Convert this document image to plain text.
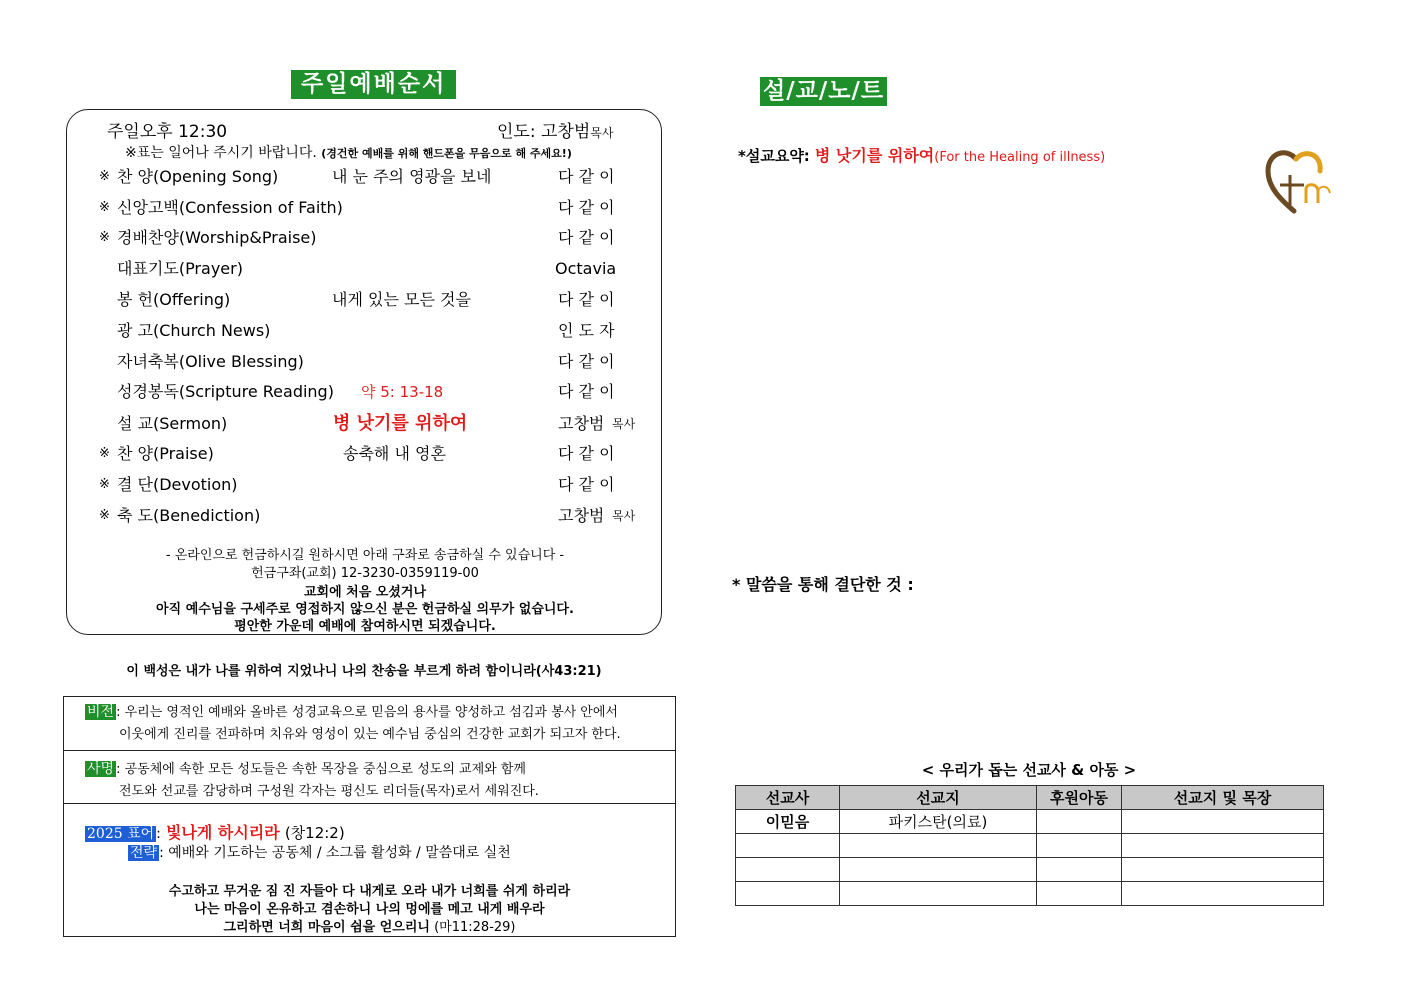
주일예배순서
주일오후 12:30	인도: 고창범목사
※표는 일어나 주시기 바랍니다. (경건한 예배를 위해 핸드폰을 무음으로 해 주세요!)
※ 찬 양(Opening Song)	내 눈 주의 영광을 보네	다 같 이
※ 신앙고백(Confession of Faith)	다 같 이
※ 경배찬양(Worship&Praise)	다 같 이
대표기도(Prayer)	Octavia
봉 헌(Offering)	내게 있는 모든 것을	다 같 이
광 고(Church News)	인 도 자
자녀축복(Olive Blessing)	다 같 이
성경봉독(Scripture Reading) 약 5: 13-18	다 같 이
설 교(Sermon)	병 낫기를 위하여	고창범 목사
※ 찬 양(Praise)	송축해 내 영혼	다 같 이
※ 결 단(Devotion)	다 같 이
※ 축 도(Benediction)	고창범 목사
- 온라인으로 헌금하시길 원하시면 아래 구좌로 송금하실 수 있습니다 -
헌금구좌(교회) 12-3230-0359119-00
교회에 처음 오셨거나
아직 예수님을 구세주로 영접하지 않으신 분은 헌금하실 의무가 없습니다.
평안한 가운데 예배에 참여하시면 되겠습니다.
이 백성은 내가 나를 위하여 지었나니 나의 찬송을 부르게 하려 함이니라(사43:21)
비전 : 우리는 영적인 예배와 올바른 성경교육으로 믿음의 용사를 양성하고 섬김과 봉사 안에서
이웃에게 진리를 전파하며 치유와 영성이 있는 예수님 중심의 건강한 교회가 되고자 한다.
사명 : 공동체에 속한 모든 성도들은 속한 목장을 중심으로 성도의 교제와 함께
전도와 선교를 감당하며 구성원 각자는 평신도 리더들(목자)로서 세워진다.
2025 표어 : 빛나게 하시리라 (창12:2)
전략 : 예배와 기도하는 공동체 / 소그룹 활성화 / 말씀대로 실천
수고하고 무거운 짐 진 자들아 다 내게로 오라 내가 너희를 쉬게 하리라
나는 마음이 온유하고 겸손하니 나의 멍에를 메고 내게 배우라
그리하면 너희 마음이 쉼을 얻으리니 (마11:28-29)
설/교/노/트
*설교요약: 병 낫기를 위하여(For the Healing of illness)
* 말씀을 통해 결단한 것 :
< 우리가 돕는 선교사 & 아동 >
선교사	선교지	후원아동	선교지 및 목장
이믿음	파키스탄(의료)		
